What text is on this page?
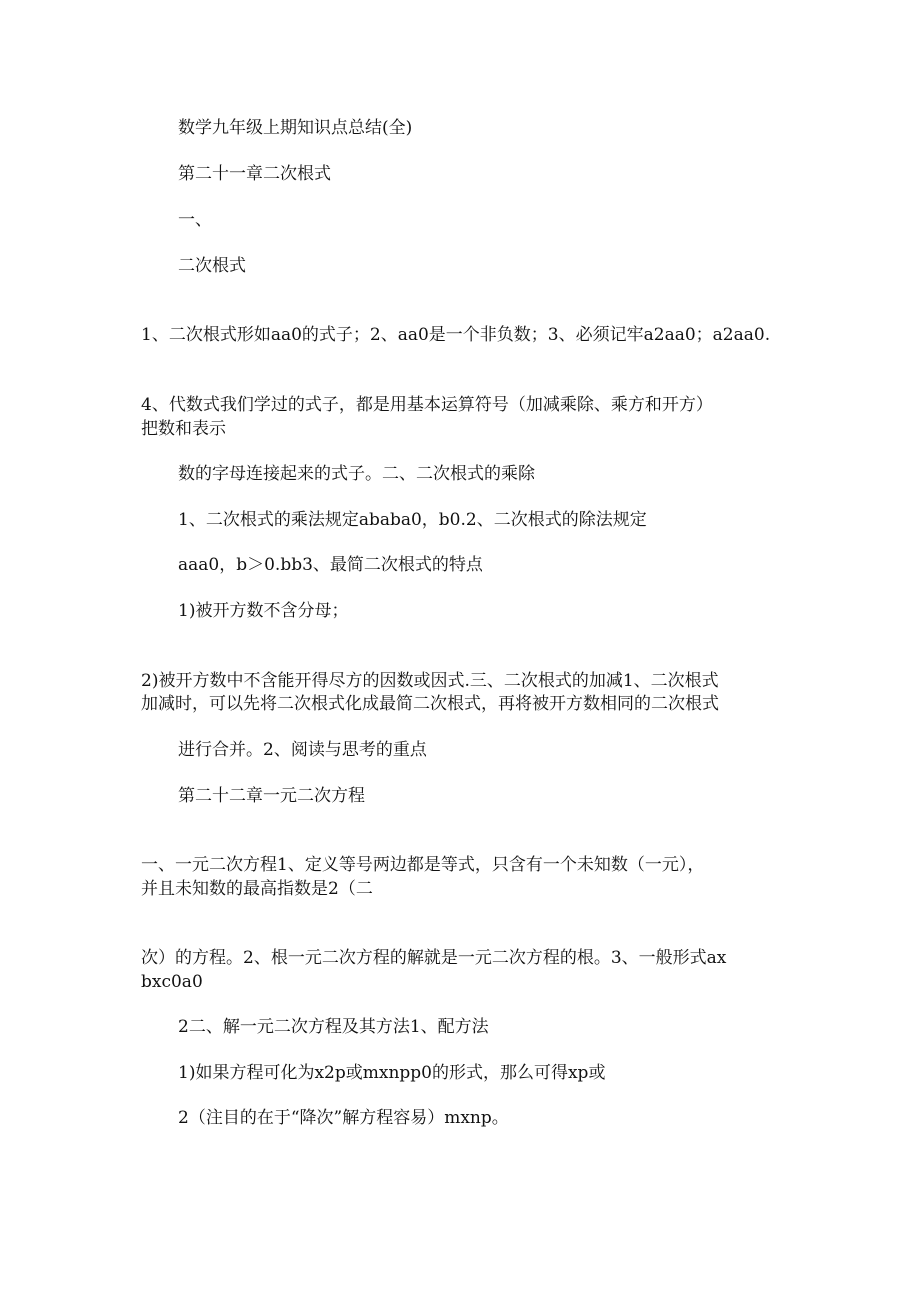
数学九年级上期知识点总结(全)
第二十一章二次根式
一、
二次根式
1、二次根式形如aa0的式子；2、aa0是一个非负数；3、必须记牢a2aa0；a2aa0.
4、代数式我们学过的式子，都是用基本运算符号（加减乘除、乘方和开方）
把数和表示
数的字母连接起来的式子。二、二次根式的乘除
1、二次根式的乘法规定ababa0，b0.2、二次根式的除法规定
aaa0，b＞0.bb3、最简二次根式的特点
1)被开方数不含分母；
2)被开方数中不含能开得尽方的因数或因式.三、二次根式的加减1、二次根式
加减时，可以先将二次根式化成最简二次根式，再将被开方数相同的二次根式
进行合并。2、阅读与思考的重点
第二十二章一元二次方程
一、一元二次方程1、定义等号两边都是等式，只含有一个未知数（一元），
并且未知数的最高指数是2（二
次）的方程。2、根一元二次方程的解就是一元二次方程的根。3、一般形式ax
bxc0a0
2二、解一元二次方程及其方法1、配方法
1)如果方程可化为x2p或mxnpp0的形式，那么可得xp或
2（注目的在于“降次”解方程容易）mxnp。
